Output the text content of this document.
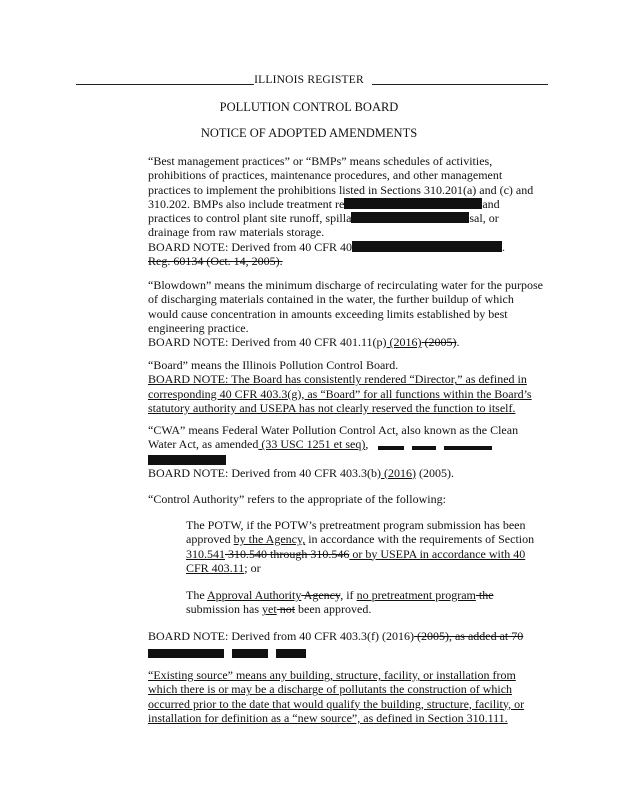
ILLINOIS REGISTER
POLLUTION CONTROL BOARD
NOTICE OF ADOPTED AMENDMENTS
“Best management practices” or “BMPs” means schedules of activities,
prohibitions of practices, maintenance procedures, and other management
practices to implement the prohibitions listed in Sections 310.201(a) and (c) and
310.202. BMPs also include treatment re	and
practices to control plant site runoff, spilla	sal, or
drainage from raw materials storage.
BOARD NOTE: Derived from 40 CFR 40	.
Reg. 60134 (Oct. 14, 2005).
“Blowdown” means the minimum discharge of recirculating water for the purpose
of discharging materials contained in the water, the further buildup of which
would cause concentration in amounts exceeding limits established by best
engineering practice.
BOARD NOTE: Derived from 40 CFR 401.11(p) (2016) (2005).
“Board” means the Illinois Pollution Control Board.
BOARD NOTE: The Board has consistently rendered “Director,” as defined in
corresponding 40 CFR 403.3(g), as “Board” for all functions within the Board’s
statutory authority and USEPA has not clearly reserved the function to itself.
“CWA” means Federal Water Pollution Control Act, also known as the Clean
Water Act, as amended (33 USC 1251 et seq),
BOARD NOTE: Derived from 40 CFR 403.3(b) (2016) (2005).
“Control Authority” refers to the appropriate of the following:
The POTW, if the POTW’s pretreatment program submission has been
approved by the Agency, in accordance with the requirements of Section
310.541 310.540 through 310.546 or by USEPA in accordance with 40
CFR 403.11; or
The Approval Authority Agency, if no pretreatment program the
submission has yet not been approved.
BOARD NOTE: Derived from 40 CFR 403.3(f) (2016) (2005), as added at 70
“Existing source” means any building, structure, facility, or installation from
which there is or may be a discharge of pollutants the construction of which
occurred prior to the date that would qualify the building, structure, facility, or
installation for definition as a “new source”, as defined in Section 310.111.
